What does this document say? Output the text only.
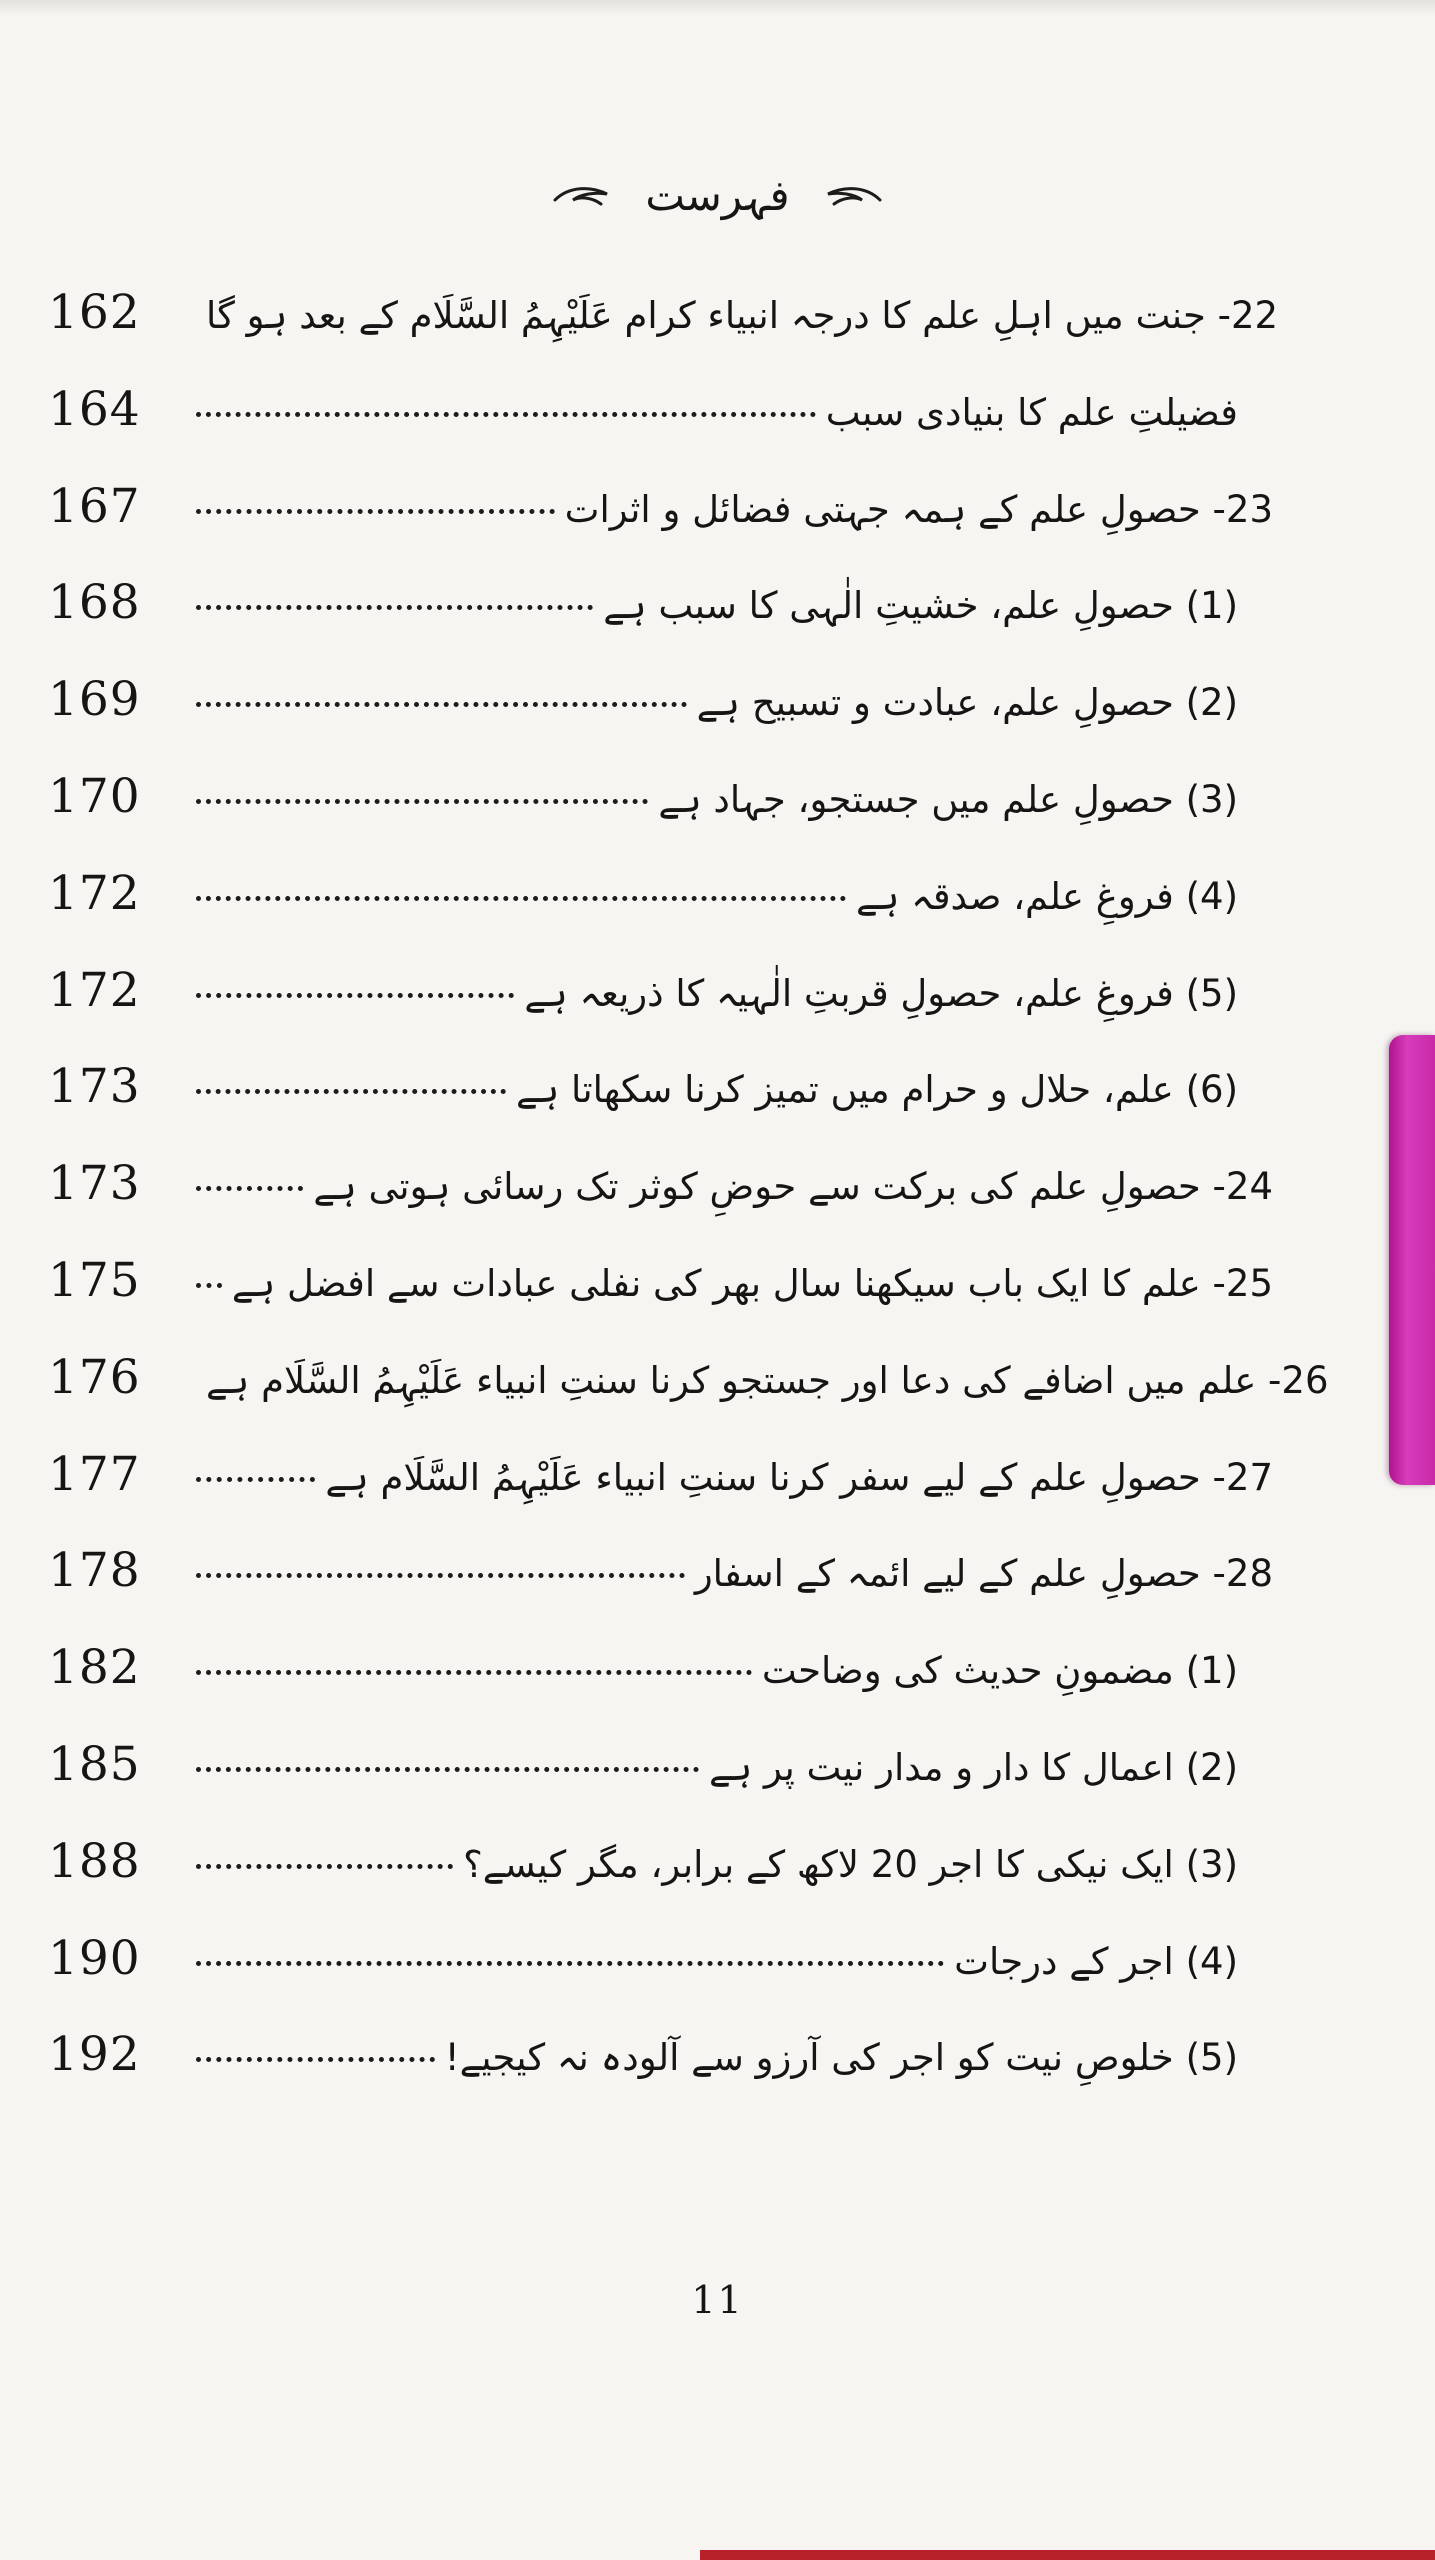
فہرست
162	22- جنت میں اہلِ علم کا درجہ انبیاء کرام عَلَیْہِمُ السَّلَام کے بعد ہو گا
164	فضیلتِ علم کا بنیادی سبب
167	23- حصولِ علم کے ہمہ جہتی فضائل و اثرات
168	(1) حصولِ علم، خشیتِ الٰہی کا سبب ہے
169	(2) حصولِ علم، عبادت و تسبیح ہے
170	(3) حصولِ علم میں جستجو، جہاد ہے
172	(4) فروغِ علم، صدقہ ہے
172	(5) فروغِ علم، حصولِ قربتِ الٰہیہ کا ذریعہ ہے
173	(6) علم، حلال و حرام میں تمیز کرنا سکھاتا ہے
173	24- حصولِ علم کی برکت سے حوضِ کوثر تک رسائی ہوتی ہے
175	25- علم کا ایک باب سیکھنا سال بھر کی نفلی عبادات سے افضل ہے
176	26- علم میں اضافے کی دعا اور جستجو کرنا سنتِ انبیاء عَلَیْہِمُ السَّلَام ہے
177	27- حصولِ علم کے لیے سفر کرنا سنتِ انبیاء عَلَیْہِمُ السَّلَام ہے
178	28- حصولِ علم کے لیے ائمہ کے اسفار
182	(1) مضمونِ حدیث کی وضاحت
185	(2) اعمال کا دار و مدار نیت پر ہے
188	(3) ایک نیکی کا اجر 20 لاکھ کے برابر، مگر کیسے؟
190	(4) اجر کے درجات
192	(5) خلوصِ نیت کو اجر کی آرزو سے آلودہ نہ کیجیے!
11
